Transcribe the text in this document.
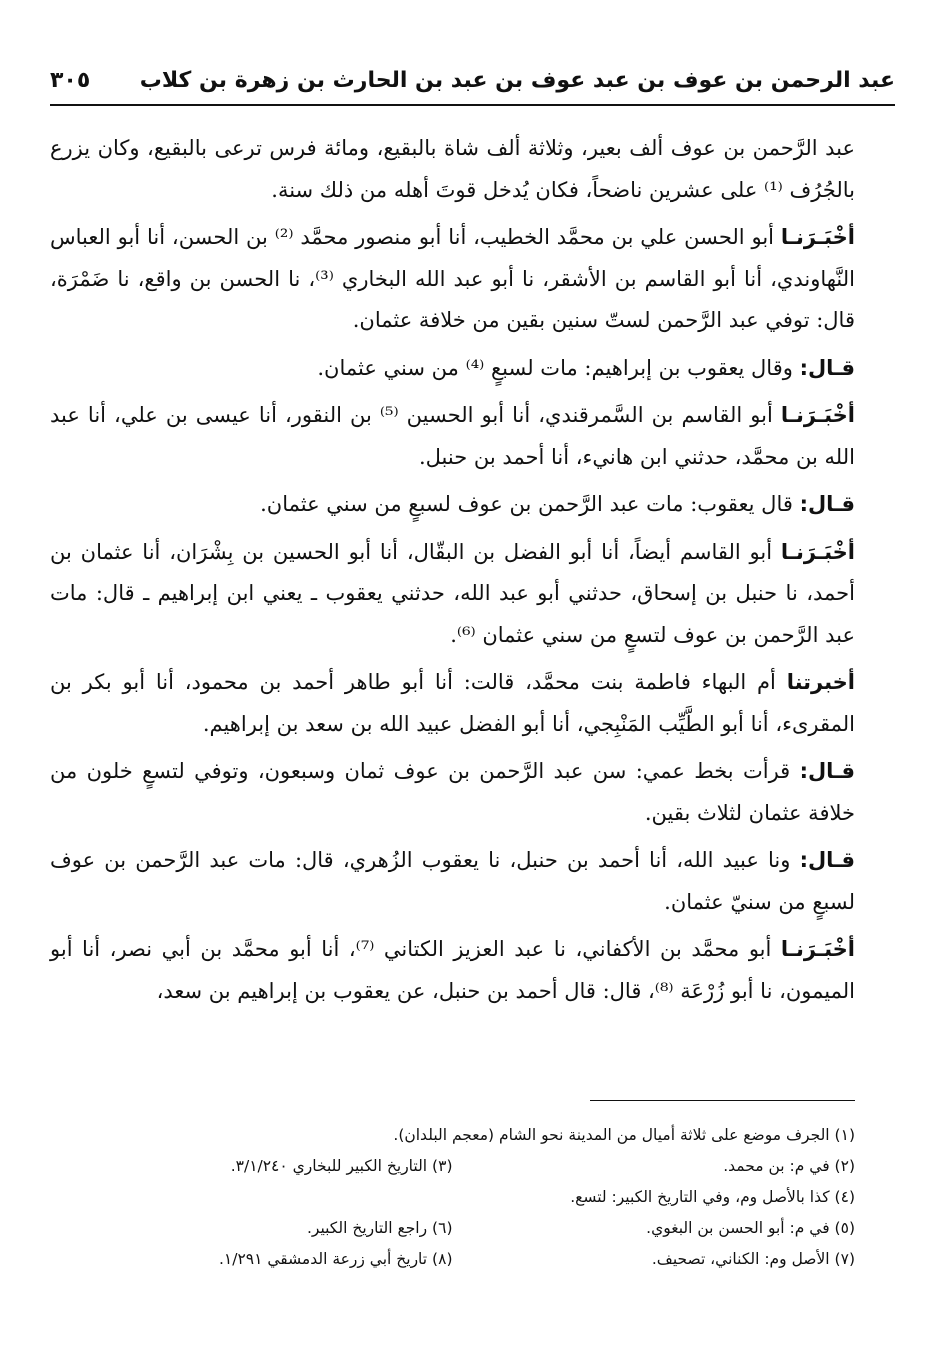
عبد الرحمن بن عوف بن عبد عوف بن عبد بن الحارث بن زهرة بن كلاب
٣٠٥

عبد الرَّحمن بن عوف ألف بعير، وثلاثة ألف شاة بالبقيع، ومائة فرس ترعى بالبقيع، وكان يزرع بالجُرُف ⁽¹⁾ على عشرين ناضحاً، فكان يُدخل قوتَ أهله من ذلك سنة.

أخْبَـرَنـا أبو الحسن علي بن محمَّد الخطيب، أنا أبو منصور محمَّد ⁽²⁾ بن الحسن، أنا أبو العباس النَّهاوندي، أنا أبو القاسم بن الأشقر، نا أبو عبد الله البخاري ⁽³⁾، نا الحسن بن واقع، نا ضَمْرَة، قال: توفي عبد الرَّحمن لستّ سنين بقين من خلافة عثمان.

قـال: وقال يعقوب بن إبراهيم: مات لسبعٍ ⁽⁴⁾ من سني عثمان.

أخْبَـرَنـا أبو القاسم بن السَّمرقندي، أنا أبو الحسين ⁽⁵⁾ بن النقور، أنا عيسى بن علي، أنا عبد الله بن محمَّد، حدثني ابن هانيء، أنا أحمد بن حنبل.

قـال: قال يعقوب: مات عبد الرَّحمن بن عوف لسبعٍ من سني عثمان.

أخْبَـرَنـا أبو القاسم أيضاً، أنا أبو الفضل بن البقّال، أنا أبو الحسين بن بِشْرَان، أنا عثمان بن أحمد، نا حنبل بن إسحاق، حدثني أبو عبد الله، حدثني يعقوب ـ يعني ابن إبراهيم ـ قال: مات عبد الرَّحمن بن عوف لتسعٍ من سني عثمان ⁽⁶⁾.

أخبرتنا أم البهاء فاطمة بنت محمَّد، قالت: أنا أبو طاهر أحمد بن محمود، أنا أبو بكر بن المقرىء، أنا أبو الطَّيِّب المَنْبِجي، أنا أبو الفضل عبيد الله بن سعد بن إبراهيم.

قـال: قرأت بخط عمي: سن عبد الرَّحمن بن عوف ثمان وسبعون، وتوفي لتسعٍ خلون من خلافة عثمان لثلاث بقين.

قـال: ونا عبيد الله، أنا أحمد بن حنبل، نا يعقوب الزُهري، قال: مات عبد الرَّحمن بن عوف لسبعٍ من سنيّ عثمان.

أخْبَـرَنـا أبو محمَّد بن الأكفاني، نا عبد العزيز الكتاني ⁽⁷⁾، أنا أبو محمَّد بن أبي نصر، أنا أبو الميمون، نا أبو زُرْعَة ⁽⁸⁾، قال: قال أحمد بن حنبل، عن يعقوب بن إبراهيم بن سعد،

(١) الجرف موضع على ثلاثة أميال من المدينة نحو الشام (معجم البلدان).
(٢) في م: بن محمد.
(٣) التاريخ الكبير للبخاري ٣/١/٢٤٠.
(٤) كذا بالأصل وم، وفي التاريخ الكبير: لتسع.
(٥) في م: أبو الحسن بن البغوي.
(٦) راجع التاريخ الكبير.
(٧) الأصل وم: الكناني، تصحيف.
(٨) تاريخ أبي زرعة الدمشقي ١/٢٩١.
